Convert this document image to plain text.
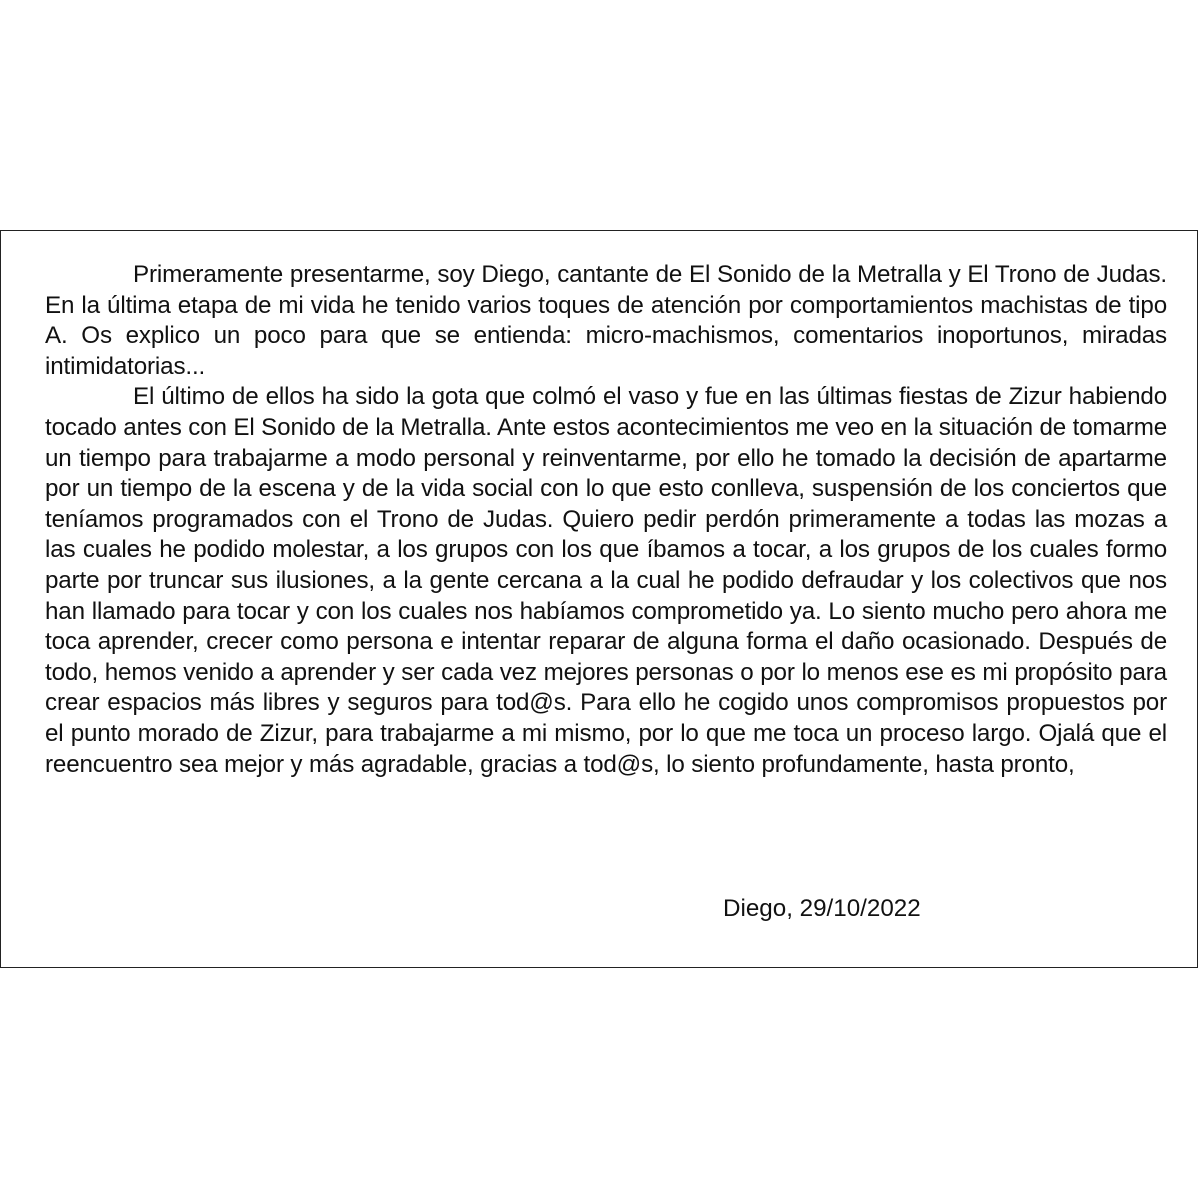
Primeramente presentarme, soy Diego, cantante de El Sonido de la Metralla y El Trono de Judas. En la última etapa de mi vida he tenido varios toques de atención por comportamientos machistas de tipo A. Os explico un poco para que se entienda: micro-machismos, comentarios inoportunos, miradas intimidatorias...

El último de ellos ha sido la gota que colmó el vaso y fue en las últimas fiestas de Zizur habiendo tocado antes con El Sonido de la Metralla. Ante estos acontecimientos me veo en la situación de tomarme un tiempo para trabajarme a modo personal y reinventarme, por ello he tomado la decisión de apartarme por un tiempo de la escena y de la vida social con lo que esto conlleva, suspensión de los conciertos que teníamos programados con el Trono de Judas. Quiero pedir perdón primeramente a todas las mozas a las cuales he podido molestar, a los grupos con los que íbamos a tocar, a los grupos de los cuales formo parte por truncar sus ilusiones, a la gente cercana a la cual he podido defraudar y los colectivos que nos han llamado para tocar y con los cuales nos habíamos comprometido ya. Lo siento mucho pero ahora me toca aprender, crecer como persona e intentar reparar de alguna forma el daño ocasionado. Después de todo, hemos venido a aprender y ser cada vez mejores personas o por lo menos ese es mi propósito para crear espacios más libres y seguros para tod@s. Para ello he cogido unos compromisos propuestos por el punto morado de Zizur, para trabajarme a mi mismo, por lo que me toca un proceso largo. Ojalá que el reencuentro sea mejor y más agradable, gracias a tod@s, lo siento profundamente, hasta pronto,

Diego, 29/10/2022
